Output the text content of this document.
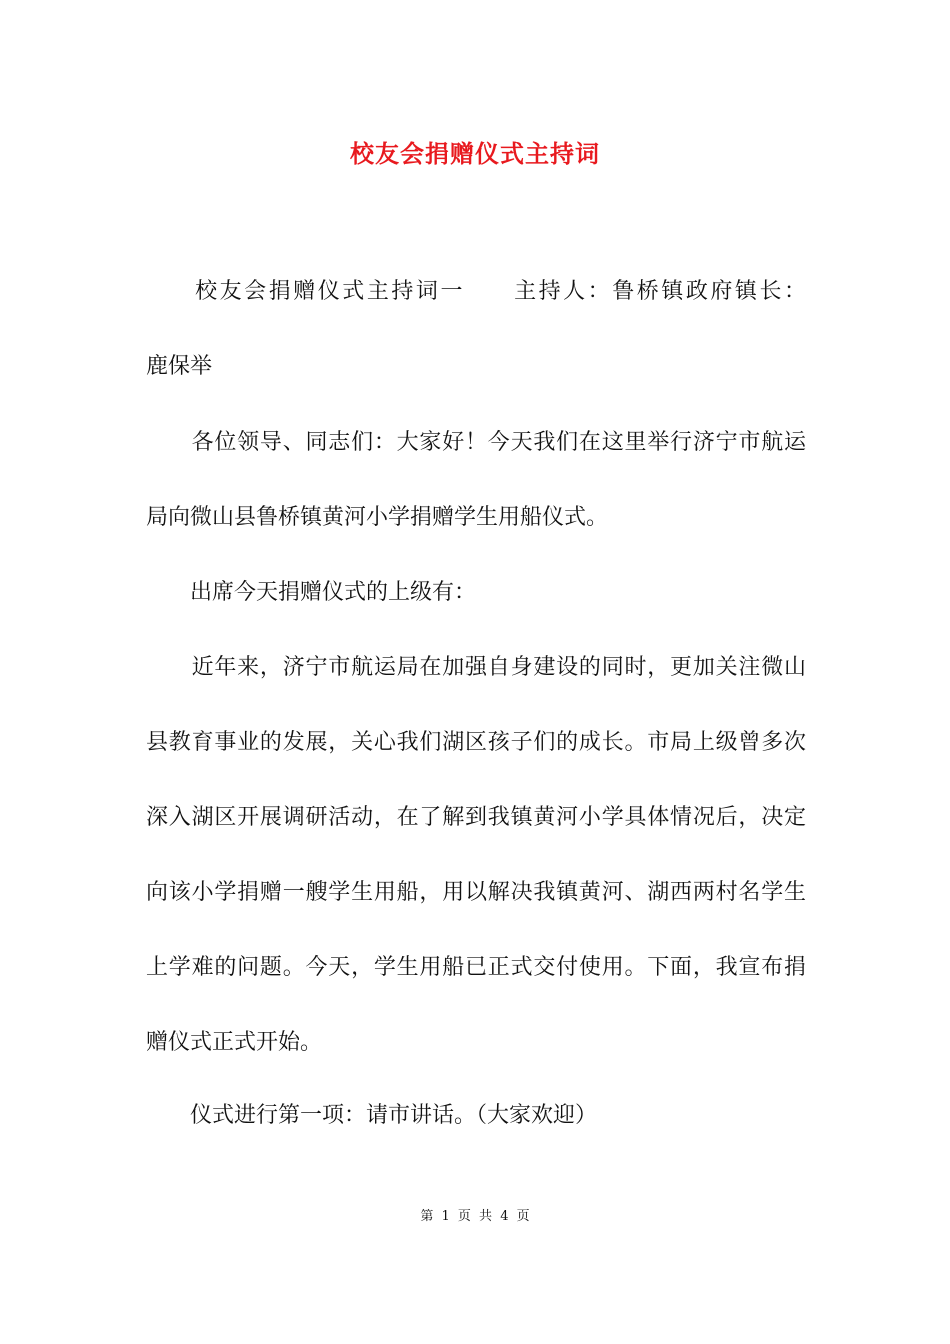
校友会捐赠仪式主持词
　　校友会捐赠仪式主持词一　　主持人：鲁桥镇政府镇长：
鹿保举
　　各位领导、同志们：大家好！今天我们在这里举行济宁市航运
局向微山县鲁桥镇黄河小学捐赠学生用船仪式。
　　出席今天捐赠仪式的上级有：
　　近年来，济宁市航运局在加强自身建设的同时，更加关注微山
县教育事业的发展，关心我们湖区孩子们的成长。市局上级曾多次
深入湖区开展调研活动，在了解到我镇黄河小学具体情况后，决定
向该小学捐赠一艘学生用船，用以解决我镇黄河、湖西两村名学生
上学难的问题。今天，学生用船已正式交付使用。下面，我宣布捐
赠仪式正式开始。
　　仪式进行第一项：请市讲话。（大家欢迎）
第 1 页 共 4 页
